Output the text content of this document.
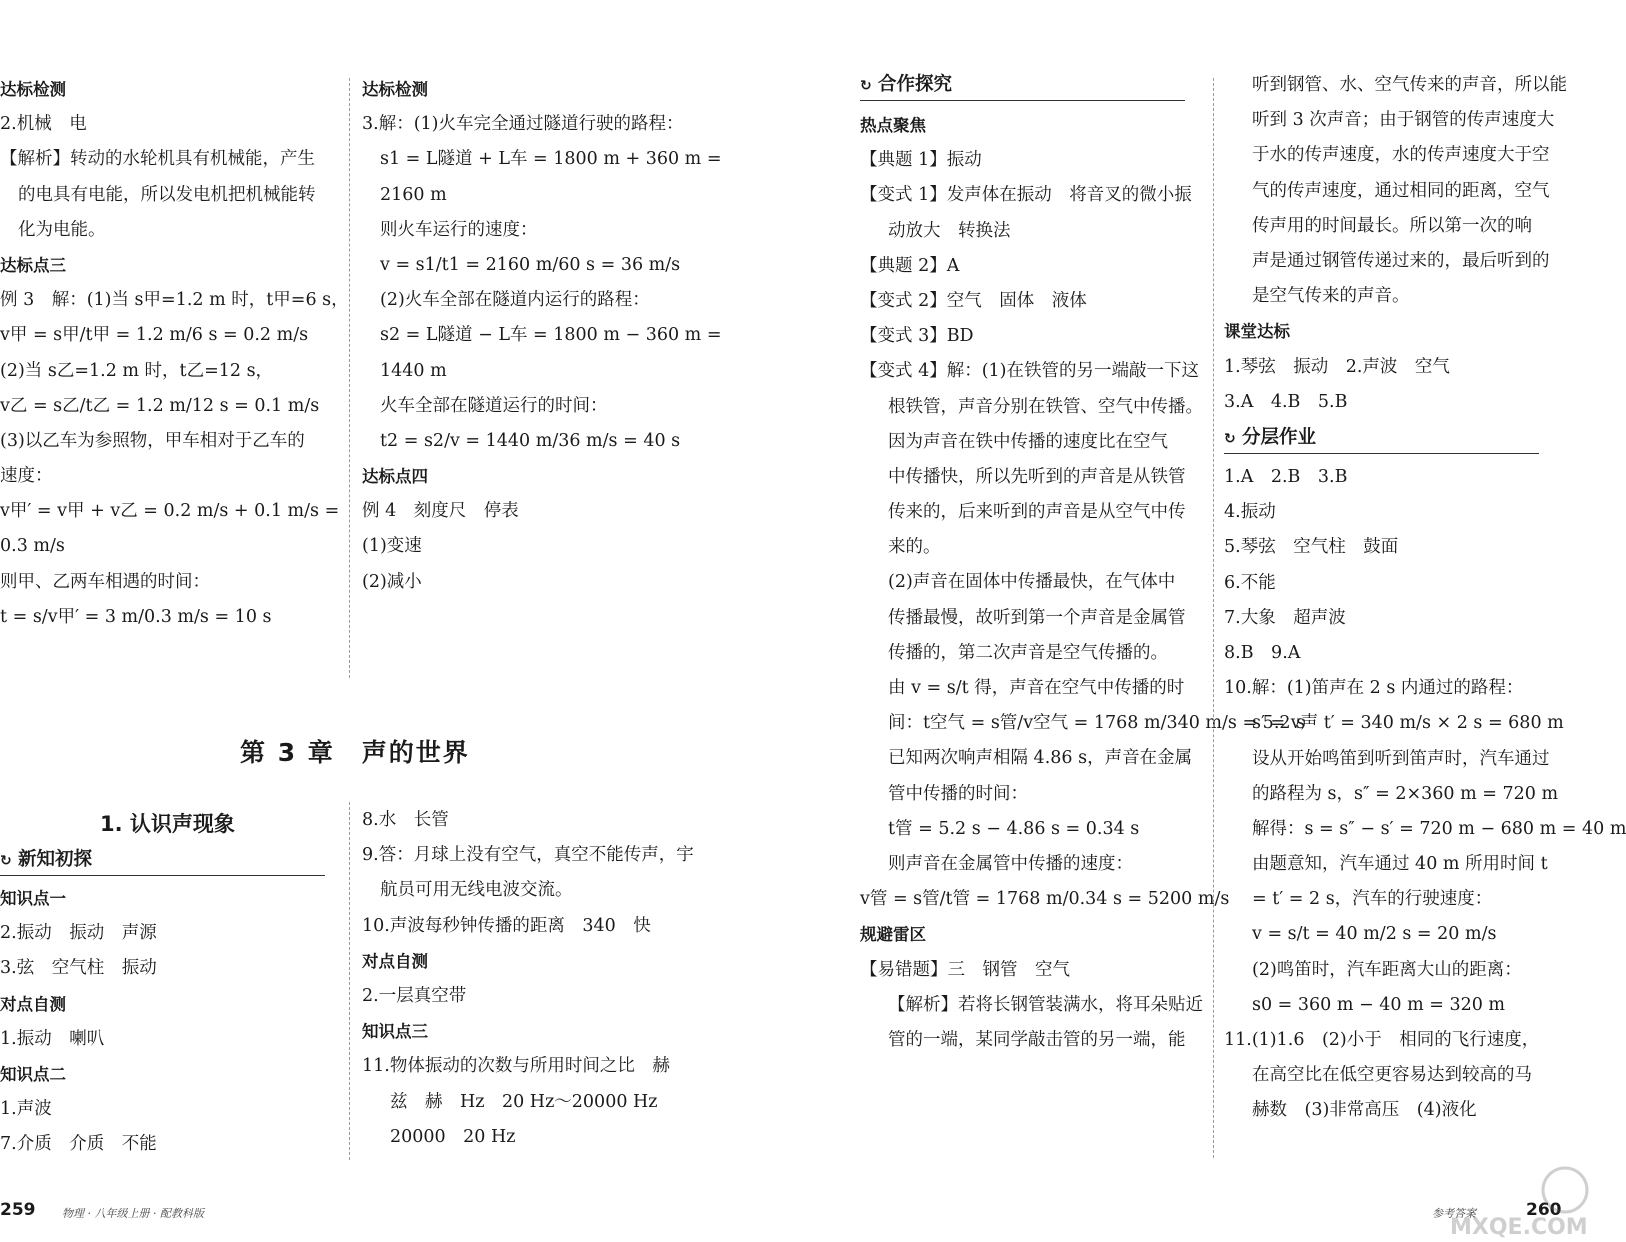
达标检测
2.机械　电
【解析】转动的水轮机具有机械能，产生
的电具有电能，所以发电机把机械能转
化为电能。
达标点三
例 3　解：(1)当 s甲=1.2 m 时，t甲=6 s，
v甲 = s甲/t甲 = 1.2 m/6 s = 0.2 m/s
(2)当 s乙=1.2 m 时，t乙=12 s，
v乙 = s乙/t乙 = 1.2 m/12 s = 0.1 m/s
(3)以乙车为参照物，甲车相对于乙车的
速度：
v甲′ = v甲 + v乙 = 0.2 m/s + 0.1 m/s =
0.3 m/s
则甲、乙两车相遇的时间：
t = s/v甲′ = 3 m/0.3 m/s = 10 s
达标检测
3.解：(1)火车完全通过隧道行驶的路程：
s1 = L隧道 + L车 = 1800 m + 360 m =
2160 m
则火车运行的速度：
v = s1/t1 = 2160 m/60 s = 36 m/s
(2)火车全部在隧道内运行的路程：
s2 = L隧道 − L车 = 1800 m − 360 m =
1440 m
火车全部在隧道运行的时间：
t2 = s2/v = 1440 m/36 m/s = 40 s
达标点四
例 4　刻度尺　停表
(1)变速
(2)减小
第 3 章　声的世界
1. 认识声现象
↻ 新知初探
知识点一
2.振动　振动　声源
3.弦　空气柱　振动
对点自测
1.振动　喇叭
知识点二
1.声波
7.介质　介质　不能
8.水　长管
9.答：月球上没有空气，真空不能传声，宇
航员可用无线电波交流。
10.声波每秒钟传播的距离　340　快
对点自测
2.一层真空带
知识点三
11.物体振动的次数与所用时间之比　赫
兹　赫　Hz　20 Hz～20000 Hz
20000　20 Hz
259 物理 · 八年级上册 · 配教科版
↻ 合作探究
热点聚焦
【典题 1】振动
【变式 1】发声体在振动　将音叉的微小振
动放大　转换法
【典题 2】A
【变式 2】空气　固体　液体
【变式 3】BD
【变式 4】解：(1)在铁管的另一端敲一下这
根铁管，声音分别在铁管、空气中传播。
因为声音在铁中传播的速度比在空气
中传播快，所以先听到的声音是从铁管
传来的，后来听到的声音是从空气中传
来的。
(2)声音在固体中传播最快，在气体中
传播最慢，故听到第一个声音是金属管
传播的，第二次声音是空气传播的。
由 v = s/t 得，声音在空气中传播的时
间：t空气 = s管/v空气 = 1768 m/340 m/s = 5.2 s
已知两次响声相隔 4.86 s，声音在金属
管中传播的时间：
t管 = 5.2 s − 4.86 s = 0.34 s
则声音在金属管中传播的速度：
v管 = s管/t管 = 1768 m/0.34 s = 5200 m/s
规避雷区
【易错题】三　钢管　空气
【解析】若将长钢管装满水，将耳朵贴近
管的一端，某同学敲击管的另一端，能
听到钢管、水、空气传来的声音，所以能
听到 3 次声音；由于钢管的传声速度大
于水的传声速度，水的传声速度大于空
气的传声速度，通过相同的距离，空气
传声用的时间最长。所以第一次的响
声是通过钢管传递过来的，最后听到的
是空气传来的声音。
课堂达标
1.琴弦　振动　2.声波　空气
3.A　4.B　5.B
↻ 分层作业
1.A　2.B　3.B
4.振动
5.琴弦　空气柱　鼓面
6.不能
7.大象　超声波
8.B　9.A
10.解：(1)笛声在 2 s 内通过的路程：
s′ = v声 t′ = 340 m/s × 2 s = 680 m
设从开始鸣笛到听到笛声时，汽车通过
的路程为 s，s″ = 2×360 m = 720 m
解得：s = s″ − s′ = 720 m − 680 m = 40 m
由题意知，汽车通过 40 m 所用时间 t
= t′ = 2 s，汽车的行驶速度：
v = s/t = 40 m/2 s = 20 m/s
(2)鸣笛时，汽车距离大山的距离：
s0 = 360 m − 40 m = 320 m
11.(1)1.6　(2)小于　相同的飞行速度，
在高空比在低空更容易达到较高的马
赫数　(3)非常高压　(4)液化
参考答案	260
MXQE.COM
